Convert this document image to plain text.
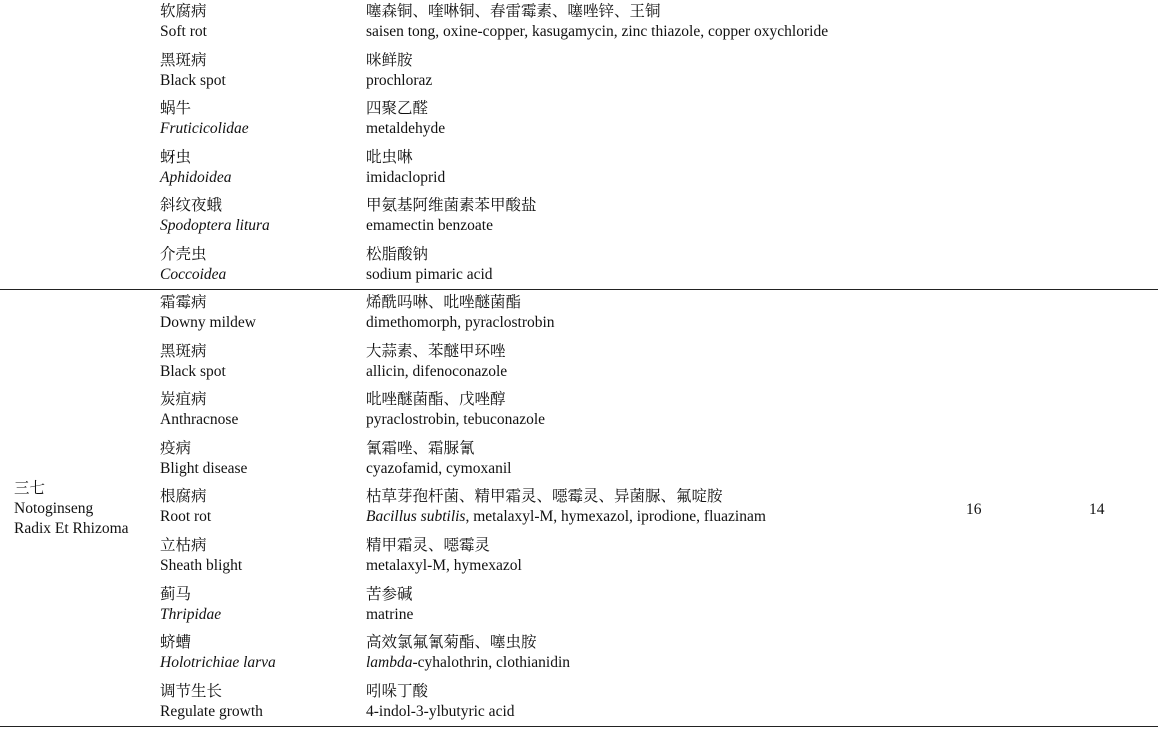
软腐病
Soft rot
噻森铜、喹啉铜、春雷霉素、噻唑锌、王铜
saisen tong, oxine-copper, kasugamycin, zinc thiazole, copper oxychloride
黑斑病
Black spot
咪鲜胺
prochloraz
蜗牛
Fruticicolidae
四聚乙醛
metaldehyde
蚜虫
Aphidoidea
吡虫啉
imidacloprid
斜纹夜蛾
Spodoptera litura
甲氨基阿维菌素苯甲酸盐
emamectin benzoate
介壳虫
Coccoidea
松脂酸钠
sodium pimaric acid
三七
Notoginseng
Radix Et Rhizoma
16	14
霜霉病
Downy mildew
烯酰吗啉、吡唑醚菌酯
dimethomorph, pyraclostrobin
黑斑病
Black spot
大蒜素、苯醚甲环唑
allicin, difenoconazole
炭疽病
Anthracnose
吡唑醚菌酯、戊唑醇
pyraclostrobin, tebuconazole
疫病
Blight disease
氰霜唑、霜脲氰
cyazofamid, cymoxanil
根腐病
Root rot
枯草芽孢杆菌、精甲霜灵、噁霉灵、异菌脲、氟啶胺
Bacillus subtilis, metalaxyl-M, hymexazol, iprodione, fluazinam
立枯病
Sheath blight
精甲霜灵、噁霉灵
metalaxyl-M, hymexazol
蓟马
Thripidae
苦参碱
matrine
蛴螬
Holotrichiae larva
高效氯氟氰菊酯、噻虫胺
lambda-cyhalothrin, clothianidin
调节生长
Regulate growth
吲哚丁酸
4-indol-3-ylbutyric acid
